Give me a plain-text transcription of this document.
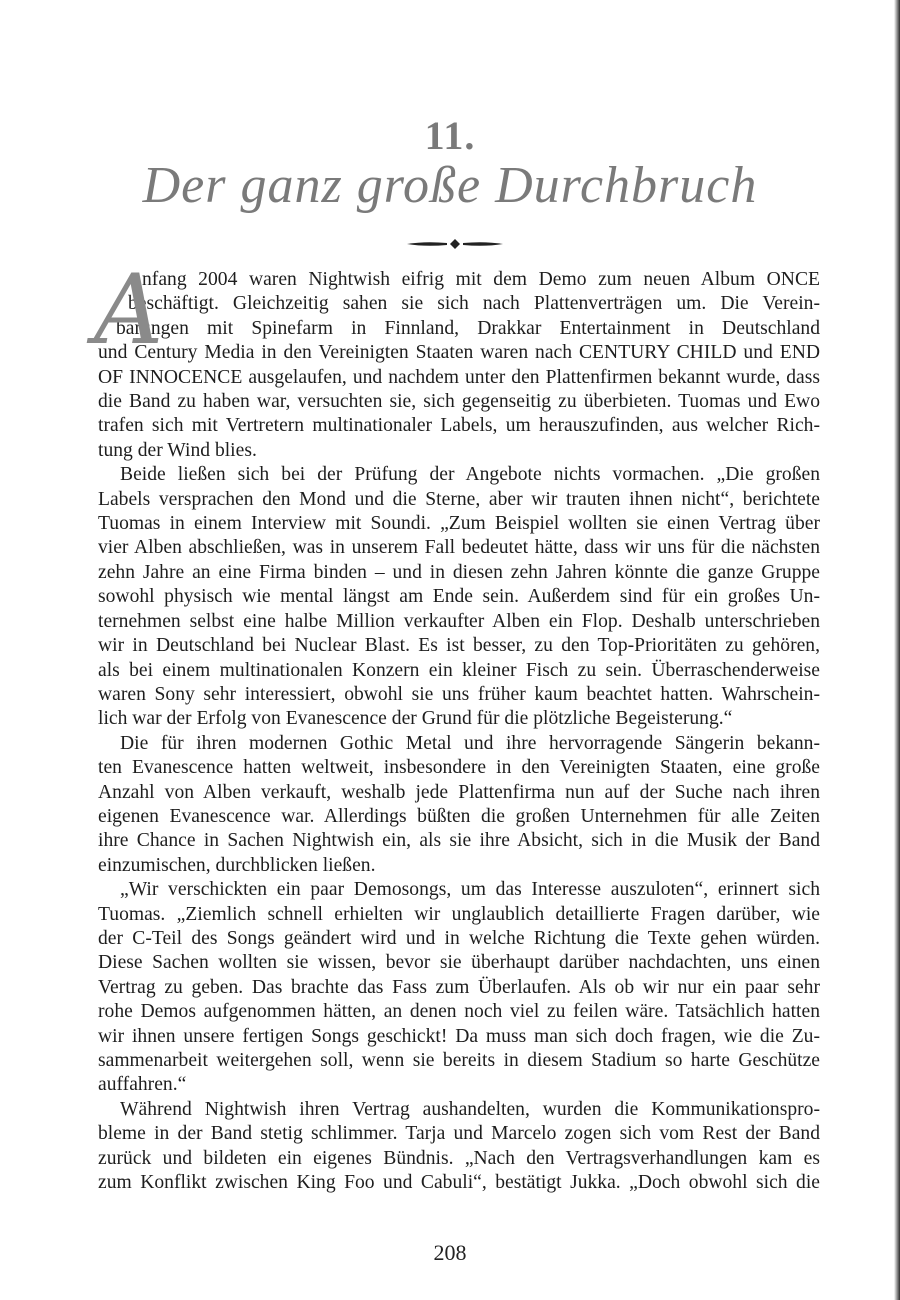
11.
Der ganz große Durchbruch
A
nfang 2004 waren Nightwish eifrig mit dem Demo zum neuen Album ONCE
beschäftigt. Gleichzeitig sahen sie sich nach Plattenverträgen um. Die Verein-
barungen mit Spinefarm in Finnland, Drakkar Entertainment in Deutschland
und Century Media in den Vereinigten Staaten waren nach CENTURY CHILD und END
OF INNOCENCE ausgelaufen, und nachdem unter den Plattenfirmen bekannt wurde, dass
die Band zu haben war, versuchten sie, sich gegenseitig zu überbieten. Tuomas und Ewo
trafen sich mit Vertretern multinationaler Labels, um herauszufinden, aus welcher Rich-
tung der Wind blies.
Beide ließen sich bei der Prüfung der Angebote nichts vormachen. „Die großen
Labels versprachen den Mond und die Sterne, aber wir trauten ihnen nicht“, berichtete
Tuomas in einem Interview mit Soundi. „Zum Beispiel wollten sie einen Vertrag über
vier Alben abschließen, was in unserem Fall bedeutet hätte, dass wir uns für die nächsten
zehn Jahre an eine Firma binden – und in diesen zehn Jahren könnte die ganze Gruppe
sowohl physisch wie mental längst am Ende sein. Außerdem sind für ein großes Un-
ternehmen selbst eine halbe Million verkaufter Alben ein Flop. Deshalb unterschrieben
wir in Deutschland bei Nuclear Blast. Es ist besser, zu den Top-Prioritäten zu gehören,
als bei einem multinationalen Konzern ein kleiner Fisch zu sein. Überraschenderweise
waren Sony sehr interessiert, obwohl sie uns früher kaum beachtet hatten. Wahrschein-
lich war der Erfolg von Evanescence der Grund für die plötzliche Begeisterung.“
Die für ihren modernen Gothic Metal und ihre hervorragende Sängerin bekann-
ten Evanescence hatten weltweit, insbesondere in den Vereinigten Staaten, eine große
Anzahl von Alben verkauft, weshalb jede Plattenfirma nun auf der Suche nach ihren
eigenen Evanescence war. Allerdings büßten die großen Unternehmen für alle Zeiten
ihre Chance in Sachen Nightwish ein, als sie ihre Absicht, sich in die Musik der Band
einzumischen, durchblicken ließen.
„Wir verschickten ein paar Demosongs, um das Interesse auszuloten“, erinnert sich
Tuomas. „Ziemlich schnell erhielten wir unglaublich detaillierte Fragen darüber, wie
der C-Teil des Songs geändert wird und in welche Richtung die Texte gehen würden.
Diese Sachen wollten sie wissen, bevor sie überhaupt darüber nachdachten, uns einen
Vertrag zu geben. Das brachte das Fass zum Überlaufen. Als ob wir nur ein paar sehr
rohe Demos aufgenommen hätten, an denen noch viel zu feilen wäre. Tatsächlich hatten
wir ihnen unsere fertigen Songs geschickt! Da muss man sich doch fragen, wie die Zu-
sammenarbeit weitergehen soll, wenn sie bereits in diesem Stadium so harte Geschütze
auffahren.“
Während Nightwish ihren Vertrag aushandelten, wurden die Kommunikationspro-
bleme in der Band stetig schlimmer. Tarja und Marcelo zogen sich vom Rest der Band
zurück und bildeten ein eigenes Bündnis. „Nach den Vertragsverhandlungen kam es
zum Konflikt zwischen King Foo und Cabuli“, bestätigt Jukka. „Doch obwohl sich die
208
